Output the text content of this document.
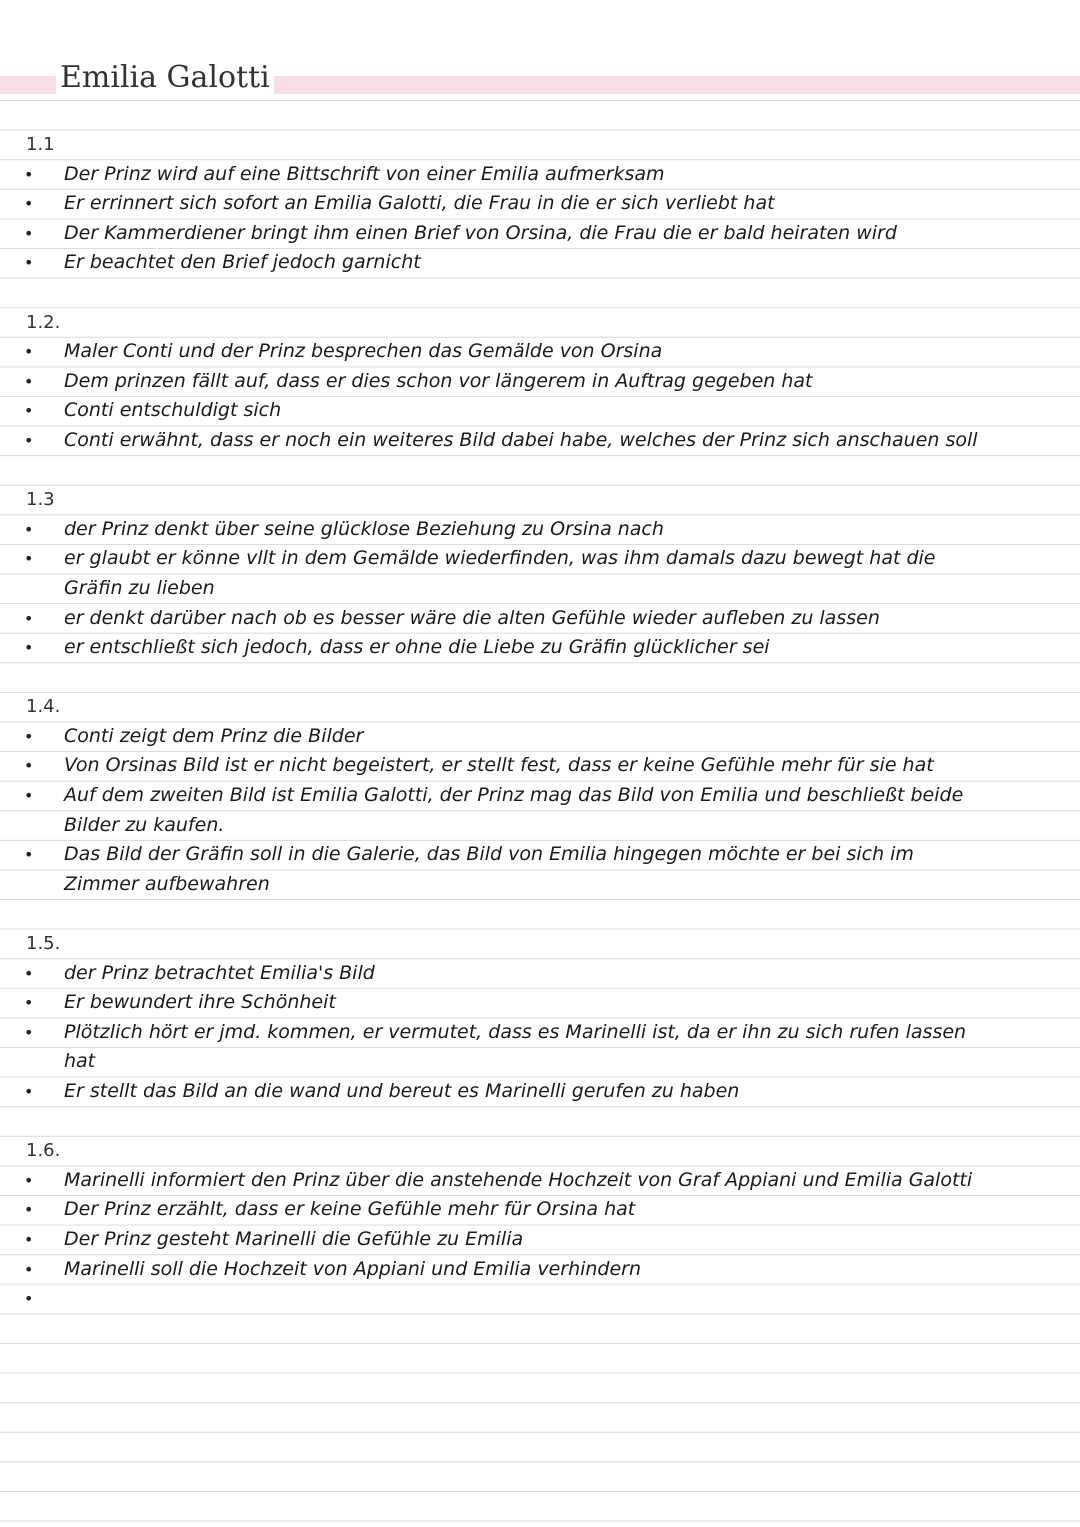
Emilia Galotti
1.1
• Der Prinz wird auf eine Bittschrift von einer Emilia aufmerksam
• Er errinnert sich sofort an Emilia Galotti, die Frau in die er sich verliebt hat
• Der Kammerdiener bringt ihm einen Brief von Orsina, die Frau die er bald heiraten wird
• Er beachtet den Brief jedoch garnicht
1.2.
• Maler Conti und der Prinz besprechen das Gemälde von Orsina
• Dem prinzen fällt auf, dass er dies schon vor längerem in Auftrag gegeben hat
• Conti entschuldigt sich
• Conti erwähnt, dass er noch ein weiteres Bild dabei habe, welches der Prinz sich anschauen soll
1.3
• der Prinz denkt über seine glücklose Beziehung zu Orsina nach
• er glaubt er könne vllt in dem Gemälde wiederfinden, was ihm damals dazu bewegt hat die Gräfin zu lieben
• er denkt darüber nach ob es besser wäre die alten Gefühle wieder aufleben zu lassen
• er entschließt sich jedoch, dass er ohne die Liebe zu Gräfin glücklicher sei
1.4.
• Conti zeigt dem Prinz die Bilder
• Von Orsinas Bild ist er nicht begeistert, er stellt fest, dass er keine Gefühle mehr für sie hat
• Auf dem zweiten Bild ist Emilia Galotti, der Prinz mag das Bild von Emilia und beschließt beide Bilder zu kaufen.
• Das Bild der Gräfin soll in die Galerie, das Bild von Emilia hingegen möchte er bei sich im Zimmer aufbewahren
1.5.
• der Prinz betrachtet Emilia's Bild
• Er bewundert ihre Schönheit
• Plötzlich hört er jmd. kommen, er vermutet, dass es Marinelli ist, da er ihn zu sich rufen lassen hat
• Er stellt das Bild an die wand und bereut es Marinelli gerufen zu haben
1.6.
• Marinelli informiert den Prinz über die anstehende Hochzeit von Graf Appiani und Emilia Galotti
• Der Prinz erzählt, dass er keine Gefühle mehr für Orsina hat
• Der Prinz gesteht Marinelli die Gefühle zu Emilia
• Marinelli soll die Hochzeit von Appiani und Emilia verhindern
•
